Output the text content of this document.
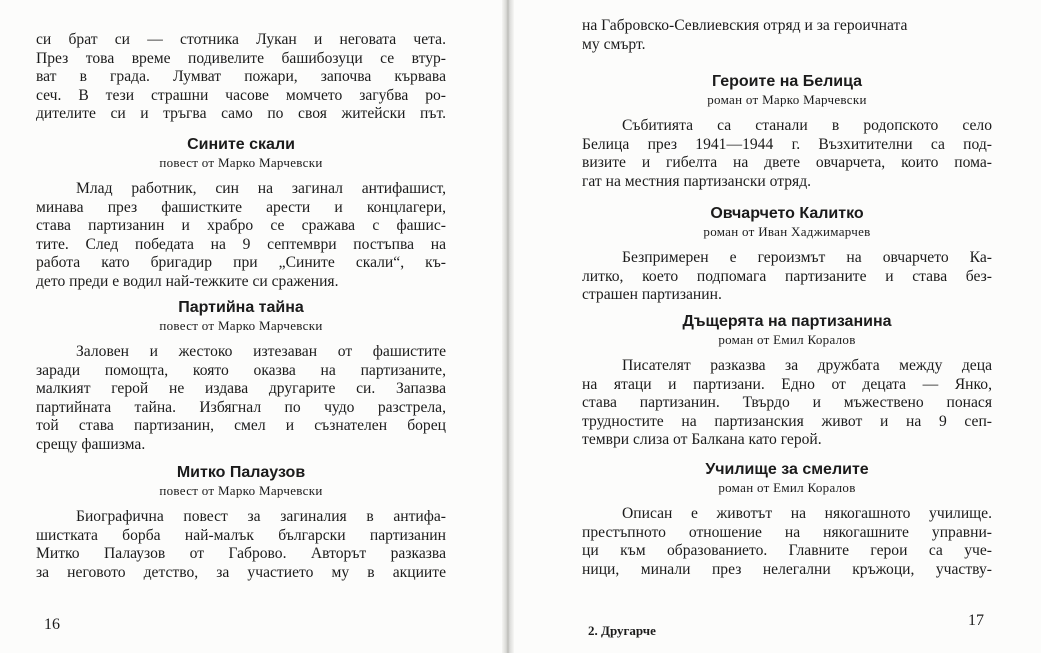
си брат си — стотника Лукан и неговата чета.
През това време подивелите башибозуци се втур-
ват в града. Лумват пожари, започва кървава
сеч. В тези страшни часове момчето загубва ро-
дителите си и тръгва само по своя житейски път.
Сините скали
повест от Марко Марчевски
Млад работник, син на загинал антифашист,
минава през фашистките арести и концлагери,
става партизанин и храбро се сражава с фашис-
тите. След победата на 9 септември постъпва на
работа като бригадир при „Сините скали“, къ-
дето преди е водил най-тежките си сражения.
Партийна тайна
повест от Марко Марчевски
Заловен и жестоко изтезаван от фашистите
заради помощта, която оказва на партизаните,
малкият герой не издава другарите си. Запазва
партийната тайна. Избягнал по чудо разстрела,
той става партизанин, смел и съзнателен борец
срещу фашизма.
Митко Палаузов
повест от Марко Марчевски
Биографична повест за загиналия в антифа-
шистката борба най-малък български партизанин
Митко Палаузов от Габрово. Авторът разказва
за неговото детство, за участието му в акциите
16
на Габровско-Севлиевския отряд и за героичната
му смърт.
Героите на Белица
роман от Марко Марчевски
Събитията са станали в родопското село
Белица през 1941—1944 г. Възхитителни са под-
визите и гибелта на двете овчарчета, които пома-
гат на местния партизански отряд.
Овчарчето Калитко
роман от Иван Хаджимарчев
Безпримерен е героизмът на овчарчето Ка-
литко, което подпомага партизаните и става без-
страшен партизанин.
Дъщерята на партизанина
роман от Емил Коралов
Писателят разказва за дружбата между деца
на ятаци и партизани. Едно от децата — Янко,
става партизанин. Твърдо и мъжествено понася
трудностите на партизанския живот и на 9 сеп-
тември слиза от Балкана като герой.
Училище за смелите
роман от Емил Коралов
Описан е животът на някогашното училище.
престъпното отношение на някогашните управни-
ци към образованието. Главните герои са уче-
ници, минали през нелегални кръжоци, участву-
2. Другарче
17
